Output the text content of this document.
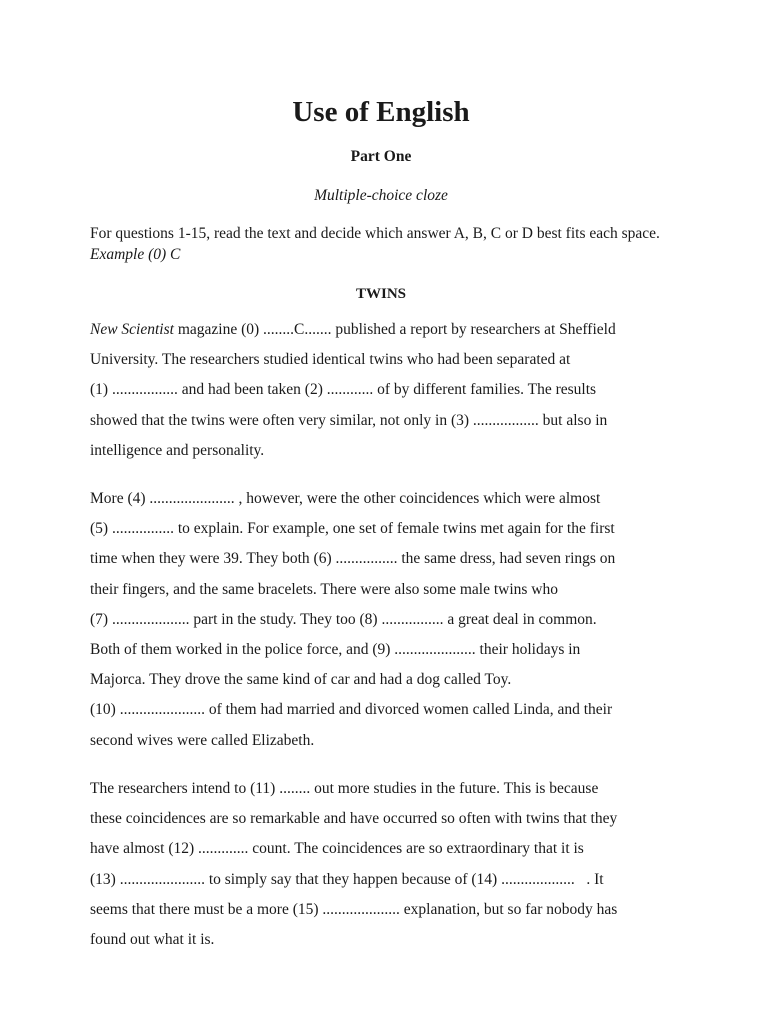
Use of English

Part One

Multiple-choice cloze

For questions 1-15, read the text and decide which answer A, B, C or D best fits each space. Example (0) C

TWINS

New Scientist magazine (0) ........C....... published a report by researchers at Sheffield
University. The researchers studied identical twins who had been separated at
(1) ................. and had been taken (2) ............ of by different families. The results
showed that the twins were often very similar, not only in (3) ................. but also in
intelligence and personality.
More (4) ...................... , however, were the other coincidences which were almost
(5) ................ to explain. For example, one set of female twins met again for the first
time when they were 39. They both (6) ................ the same dress, had seven rings on
their fingers, and the same bracelets. There were also some male twins who
(7) .................... part in the study. They too (8) ................ a great deal in common.
Both of them worked in the police force, and (9) ..................... their holidays in
Majorca. They drove the same kind of car and had a dog called Toy.
(10) ...................... of them had married and divorced women called Linda, and their
second wives were called Elizabeth.
The researchers intend to (11) ........ out more studies in the future. This is because
these coincidences are so remarkable and have occurred so often with twins that they
have almost (12) ............. count. The coincidences are so extraordinary that it is
(13) ...................... to simply say that they happen because of (14) ...................   . It
seems that there must be a more (15) .................... explanation, but so far nobody has
found out what it is.
